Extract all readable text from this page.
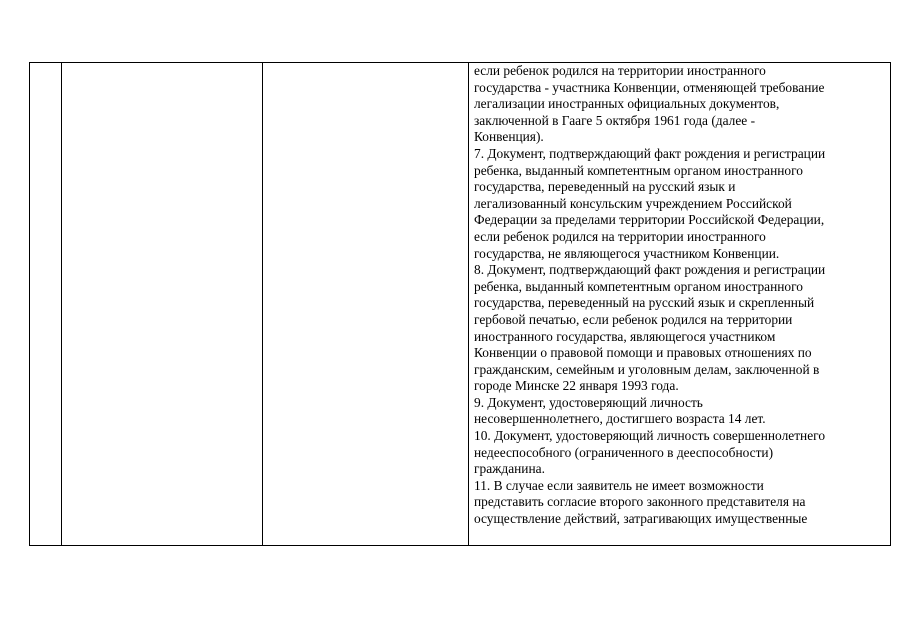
если ребенок родился на территории иностранного
государства - участника Конвенции, отменяющей требование
легализации иностранных официальных документов,
заключенной в Гааге 5 октября 1961 года (далее -
Конвенция).
7. Документ, подтверждающий факт рождения и регистрации
ребенка, выданный компетентным органом иностранного
государства, переведенный на русский язык и
легализованный консульским учреждением Российской
Федерации за пределами территории Российской Федерации,
если ребенок родился на территории иностранного
государства, не являющегося участником Конвенции.
8. Документ, подтверждающий факт рождения и регистрации
ребенка, выданный компетентным органом иностранного
государства, переведенный на русский язык и скрепленный
гербовой печатью, если ребенок родился на территории
иностранного государства, являющегося участником
Конвенции о правовой помощи и правовых отношениях по
гражданским, семейным и уголовным делам, заключенной в
городе Минске 22 января 1993 года.
9. Документ, удостоверяющий личность
несовершеннолетнего, достигшего возраста 14 лет.
10. Документ, удостоверяющий личность совершеннолетнего
недееспособного (ограниченного в дееспособности)
гражданина.
11. В случае если заявитель не имеет возможности
представить согласие второго законного представителя на
осуществление действий, затрагивающих имущественные
